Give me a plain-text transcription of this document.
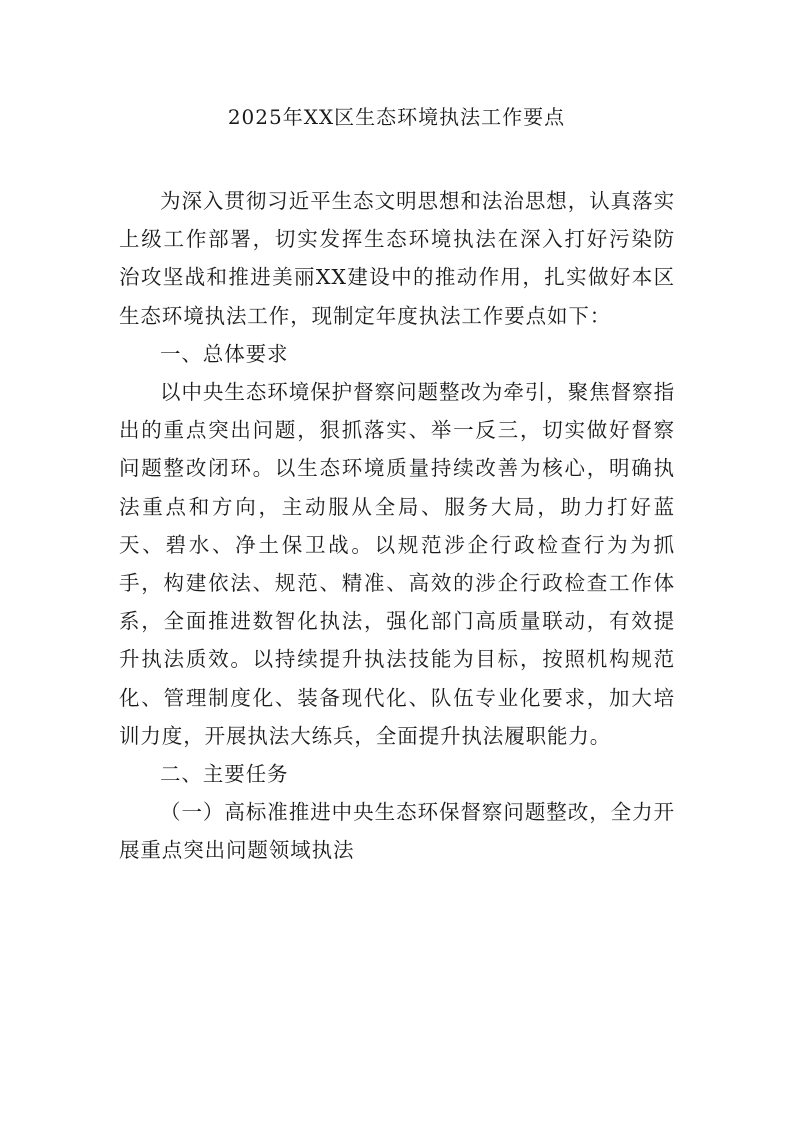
2025年XX区生态环境执法工作要点

为深入贯彻习近平生态文明思想和法治思想，认真落实上级工作部署，切实发挥生态环境执法在深入打好污染防治攻坚战和推进美丽XX建设中的推动作用，扎实做好本区生态环境执法工作，现制定年度执法工作要点如下：

一、总体要求

以中央生态环境保护督察问题整改为牵引，聚焦督察指出的重点突出问题，狠抓落实、举一反三，切实做好督察问题整改闭环。以生态环境质量持续改善为核心，明确执法重点和方向，主动服从全局、服务大局，助力打好蓝天、碧水、净土保卫战。以规范涉企行政检查行为为抓手，构建依法、规范、精准、高效的涉企行政检查工作体系，全面推进数智化执法，强化部门高质量联动，有效提升执法质效。以持续提升执法技能为目标，按照机构规范化、管理制度化、装备现代化、队伍专业化要求，加大培训力度，开展执法大练兵，全面提升执法履职能力。

二、主要任务

（一）高标准推进中央生态环保督察问题整改，全力开展重点突出问题领域执法
